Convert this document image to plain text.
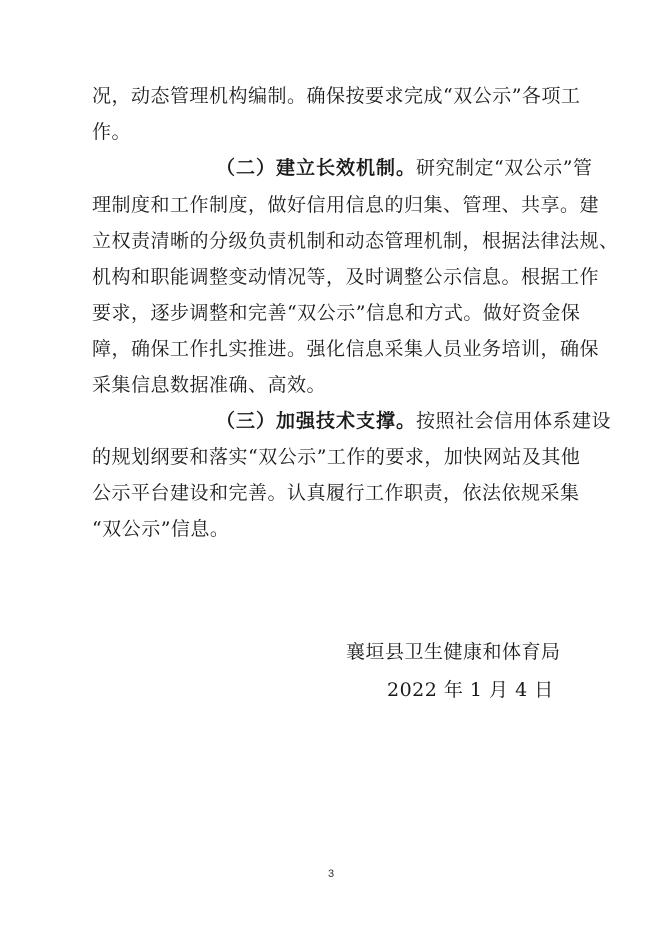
况，动态管理机构编制。确保按要求完成“双公示”各项工
作。
（二）建立长效机制。研究制定“双公示”管
理制度和工作制度，做好信用信息的归集、管理、共享。建
立权责清晰的分级负责机制和动态管理机制，根据法律法规、
机构和职能调整变动情况等，及时调整公示信息。根据工作
要求，逐步调整和完善“双公示”信息和方式。做好资金保
障，确保工作扎实推进。强化信息采集人员业务培训，确保
采集信息数据准确、高效。
（三）加强技术支撑。按照社会信用体系建设
的规划纲要和落实“双公示”工作的要求，加快网站及其他
公示平台建设和完善。认真履行工作职责，依法依规采集
“双公示”信息。
襄垣县卫生健康和体育局
2022 年 1 月 4 日
3
